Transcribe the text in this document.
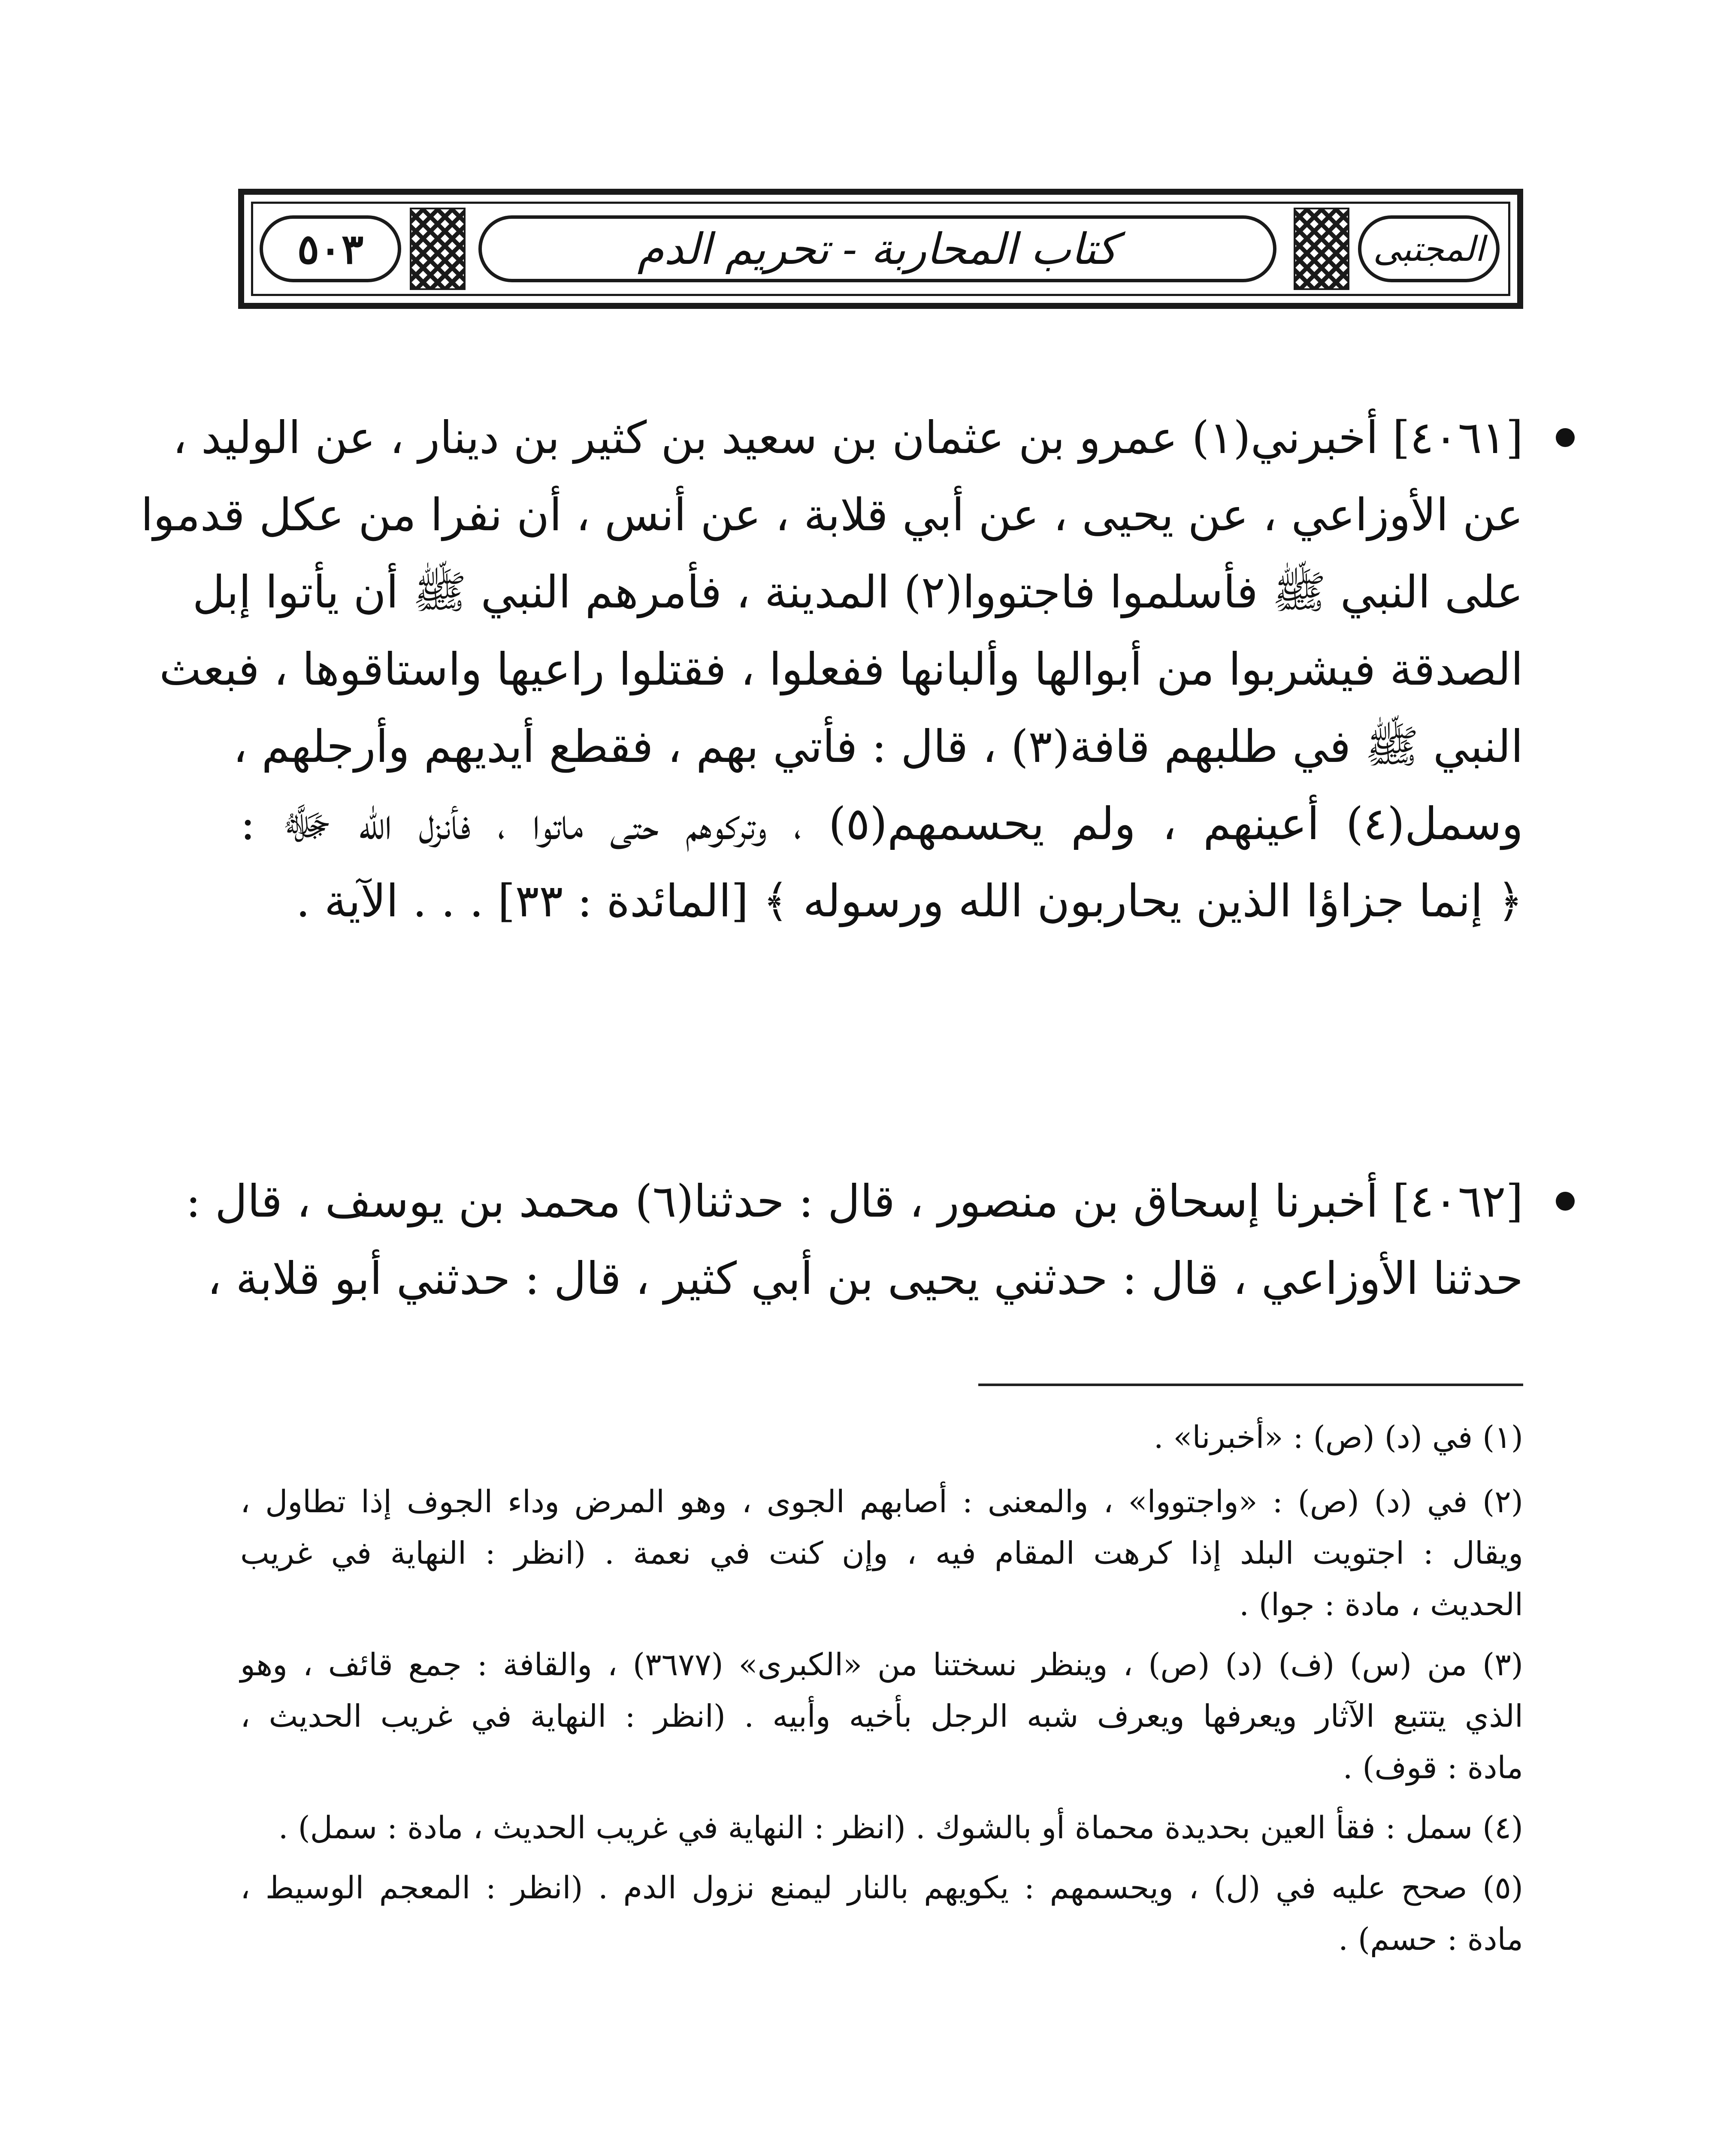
٥٠٣	كتاب المحاربة - تحريم الدم	المجتبى
[٤٠٦١] أخبرني(١) عمرو بن عثمان بن سعيد بن كثير بن دينار ، عن الوليد ،
عن الأوزاعي ، عن يحيى ، عن أبي قلابة ، عن أنس ، أن نفرا من عكل قدموا
على النبي ﷺ فأسلموا فاجتووا(٢) المدينة ، فأمرهم النبي ﷺ أن يأتوا إبل
الصدقة فيشربوا من أبوالها وألبانها ففعلوا ، فقتلوا راعيها واستاقوها ، فبعث
النبي ﷺ في طلبهم قافة(٣) ، قال : فأتي بهم ، فقطع أيديهم وأرجلهم ،
وسمل(٤) أعينهم ، ولم يحسمهم(٥) ، وتركوهم حتى ماتوا ، فأنزل الله ﷻ :
﴿ إنما جزاؤا الذين يحاربون الله ورسوله ﴾ [المائدة : ٣٣] . . . الآية .
[٤٠٦٢] أخبرنا إسحاق بن منصور ، قال : حدثنا(٦) محمد بن يوسف ، قال :
حدثنا الأوزاعي ، قال : حدثني يحيى بن أبي كثير ، قال : حدثني أبو قلابة ،
(١) في (د) (ص) : «أخبرنا» .
(٢) في (د) (ص) : «واجتووا» ، والمعنى : أصابهم الجوى ، وهو المرض وداء الجوف إذا تطاول ،
ويقال : اجتويت البلد إذا كرهت المقام فيه ، وإن كنت في نعمة . (انظر : النهاية في غريب
الحديث ، مادة : جوا) .
(٣) من (س) (ف) (د) (ص) ، وينظر نسختنا من «الكبرى» (٣٦٧٧) ، والقافة : جمع قائف ، وهو
الذي يتتبع الآثار ويعرفها ويعرف شبه الرجل بأخيه وأبيه . (انظر : النهاية في غريب الحديث ،
مادة : قوف) .
(٤) سمل : فقأ العين بحديدة محماة أو بالشوك . (انظر : النهاية في غريب الحديث ، مادة : سمل) .
(٥) صحح عليه في (ل) ، ويحسمهم : يكويهم بالنار ليمنع نزول الدم . (انظر : المعجم الوسيط ،
مادة : حسم) .
